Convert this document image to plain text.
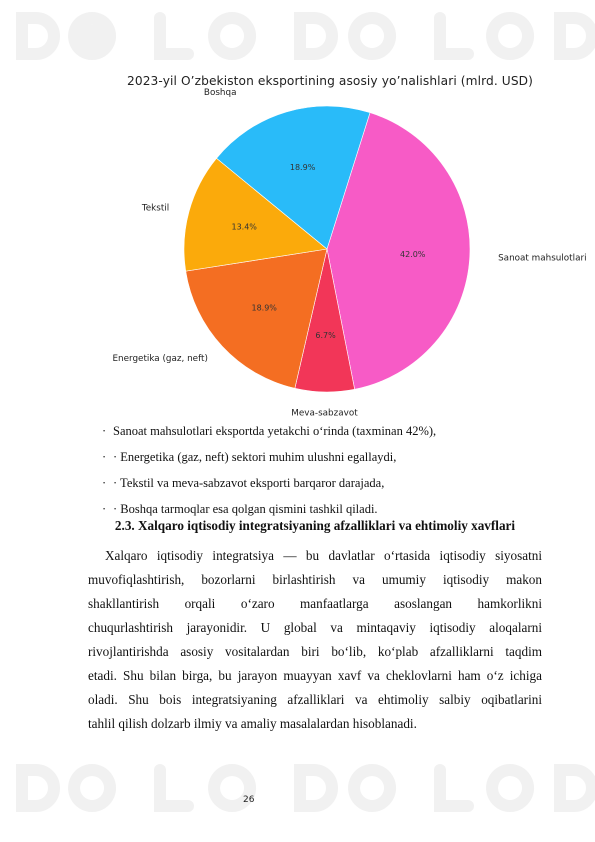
2023-yil O’zbekiston eksportining asosiy yo’nalishlari (mlrd. USD)
42.0%	Sanoat mahsulotlari
6.7%
Meva-sabzavot
18.9%
Energetika (gaz, neft)
13.4%
Tekstil
18.9%
Boshqa
· Sanoat mahsulotlari eksportda yetakchi o‘rinda (taxminan 42%),
· · Energetika (gaz, neft) sektori muhim ulushni egallaydi,
· · Tekstil va meva-sabzavot eksporti barqaror darajada,
· · Boshqa tarmoqlar esa qolgan qismini tashkil qiladi.
2.3. Xalqaro iqtisodiy integratsiyaning afzalliklari va ehtimoliy xavflari
Xalqaro iqtisodiy integratsiya — bu davlatlar o‘rtasida iqtisodiy siyosatni
muvofiqlashtirish, bozorlarni birlashtirish va umumiy iqtisodiy makon
shakllantirish orqali o‘zaro manfaatlarga asoslangan hamkorlikni
chuqurlashtirish jarayonidir. U global va mintaqaviy iqtisodiy aloqalarni
rivojlantirishda asosiy vositalardan biri bo‘lib, ko‘plab afzalliklarni taqdim
etadi. Shu bilan birga, bu jarayon muayyan xavf va cheklovlarni ham o‘z ichiga
oladi. Shu bois integratsiyaning afzalliklari va ehtimoliy salbiy oqibatlarini
tahlil qilish dolzarb ilmiy va amaliy masalalardan hisoblanadi.
26
